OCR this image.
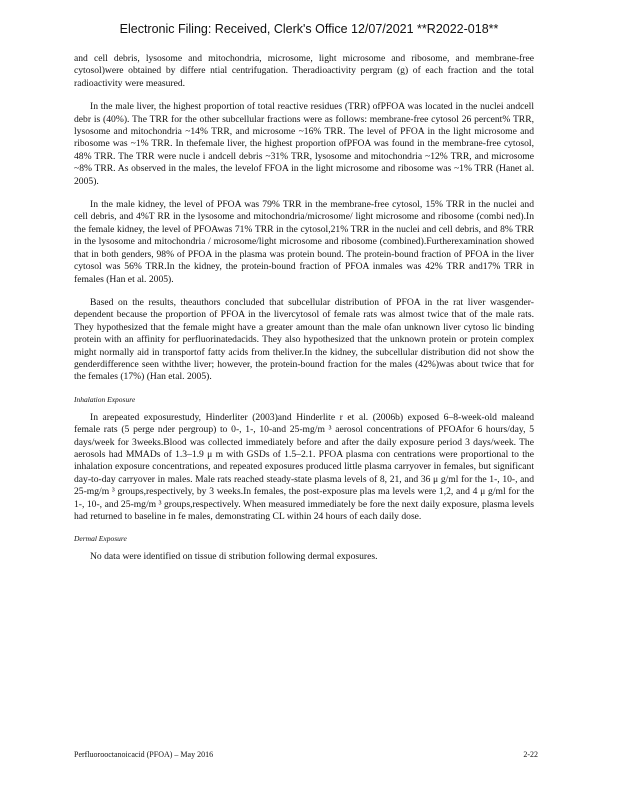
Electronic Filing: Received, Clerk's Office 12/07/2021 **R2022-018**

and cell debris, lysosome and mitochondria, microsome, light microsome and ribosome, and membrane-free cytosol)were obtained by differe ntial centrifugation. Theradioactivity pergram (g) of each fraction and the total radioactivity were measured.

In the male liver, the highest proportion of total reactive residues (TRR) ofPFOA was located in the nuclei andcell debr is (40%). The TRR for the other subcellular fractions were as follows: membrane-free cytosol 26 percent% TRR, lysosome and mitochondria ~14% TRR, and microsome ~16% TRR. The level of PFOA in the light microsome and ribosome was ~1% TRR. In thefemale liver, the highest proportion ofPFOA was found in the membrane-free cytosol, 48% TRR. The TRR were nucle i andcell debris ~31% TRR, lysosome and mitochondria ~12% TRR, and microsome ~8% TRR. As observed in the males, the levelof FFOA in the light microsome and ribosome was ~1% TRR (Hanet al. 2005).

In the male kidney, the level of PFOA was 79% TRR in the membrane-free cytosol, 15% TRR in the nuclei and cell debris, and 4%T RR in the lysosome and mitochondria/microsome/ light microsome and ribosome (combi ned).In the female kidney, the level of PFOAwas 71% TRR in the cytosol,21% TRR in the nuclei and cell debris, and 8% TRR in the lysosome and mitochondria / microsome/light microsome and ribosome (combined).Furtherexamination showed that in both genders, 98% of PFOA in the plasma was protein bound. The protein-bound fraction of PFOA in the liver cytosol was 56% TRR.In the kidney, the protein-bound fraction of PFOA inmales was 42% TRR and17% TRR in females (Han et al. 2005).

Based on the results, theauthors concluded that subcellular distribution of PFOA in the rat liver wasgender-dependent because the proportion of PFOA in the livercytosol of female rats was almost twice that of the male rats. They hypothesized that the female might have a greater amount than the male ofan unknown liver cytoso lic binding protein with an affinity for perfluorinatedacids. They also hypothesized that the unknown protein or protein complex might normally aid in transportof fatty acids from theliver.In the kidney, the subcellular distribution did not show the genderdifference seen withthe liver; however, the protein-bound fraction for the males (42%)was about twice that for the females (17%) (Han etal. 2005).

Inhalation Exposure

In arepeated exposurestudy, Hinderliter (2003)and Hinderlite r et al. (2006b) exposed 6–8-week-old maleand female rats (5 perge nder pergroup) to 0-, 1-, 10-and 25-mg/m ³ aerosol concentrations of PFOAfor 6 hours/day, 5 days/week for 3weeks.Blood was collected immediately before and after the daily exposure period 3 days/week. The aerosols had MMADs of 1.3–1.9 μ m with GSDs of 1.5–2.1. PFOA plasma con centrations were proportional to the inhalation exposure concentrations, and repeated exposures produced little plasma carryover in females, but significant day-to-day carryover in males. Male rats reached steady-state plasma levels of 8, 21, and 36 μ g/ml for the 1-, 10-, and 25-mg/m ³ groups,respectively, by 3 weeks.In females, the post-exposure plas ma levels were 1,2, and 4 μ g/ml for the 1-, 10-, and 25-mg/m ³ groups,respectively. When measured immediately be fore the next daily exposure, plasma levels had returned to baseline in fe males, demonstrating CL within 24 hours of each daily dose.

Dermal Exposure

No data were identified on tissue di stribution following dermal exposures.

Perfluorooctanoicacid (PFOA) – May 2016	2-22
